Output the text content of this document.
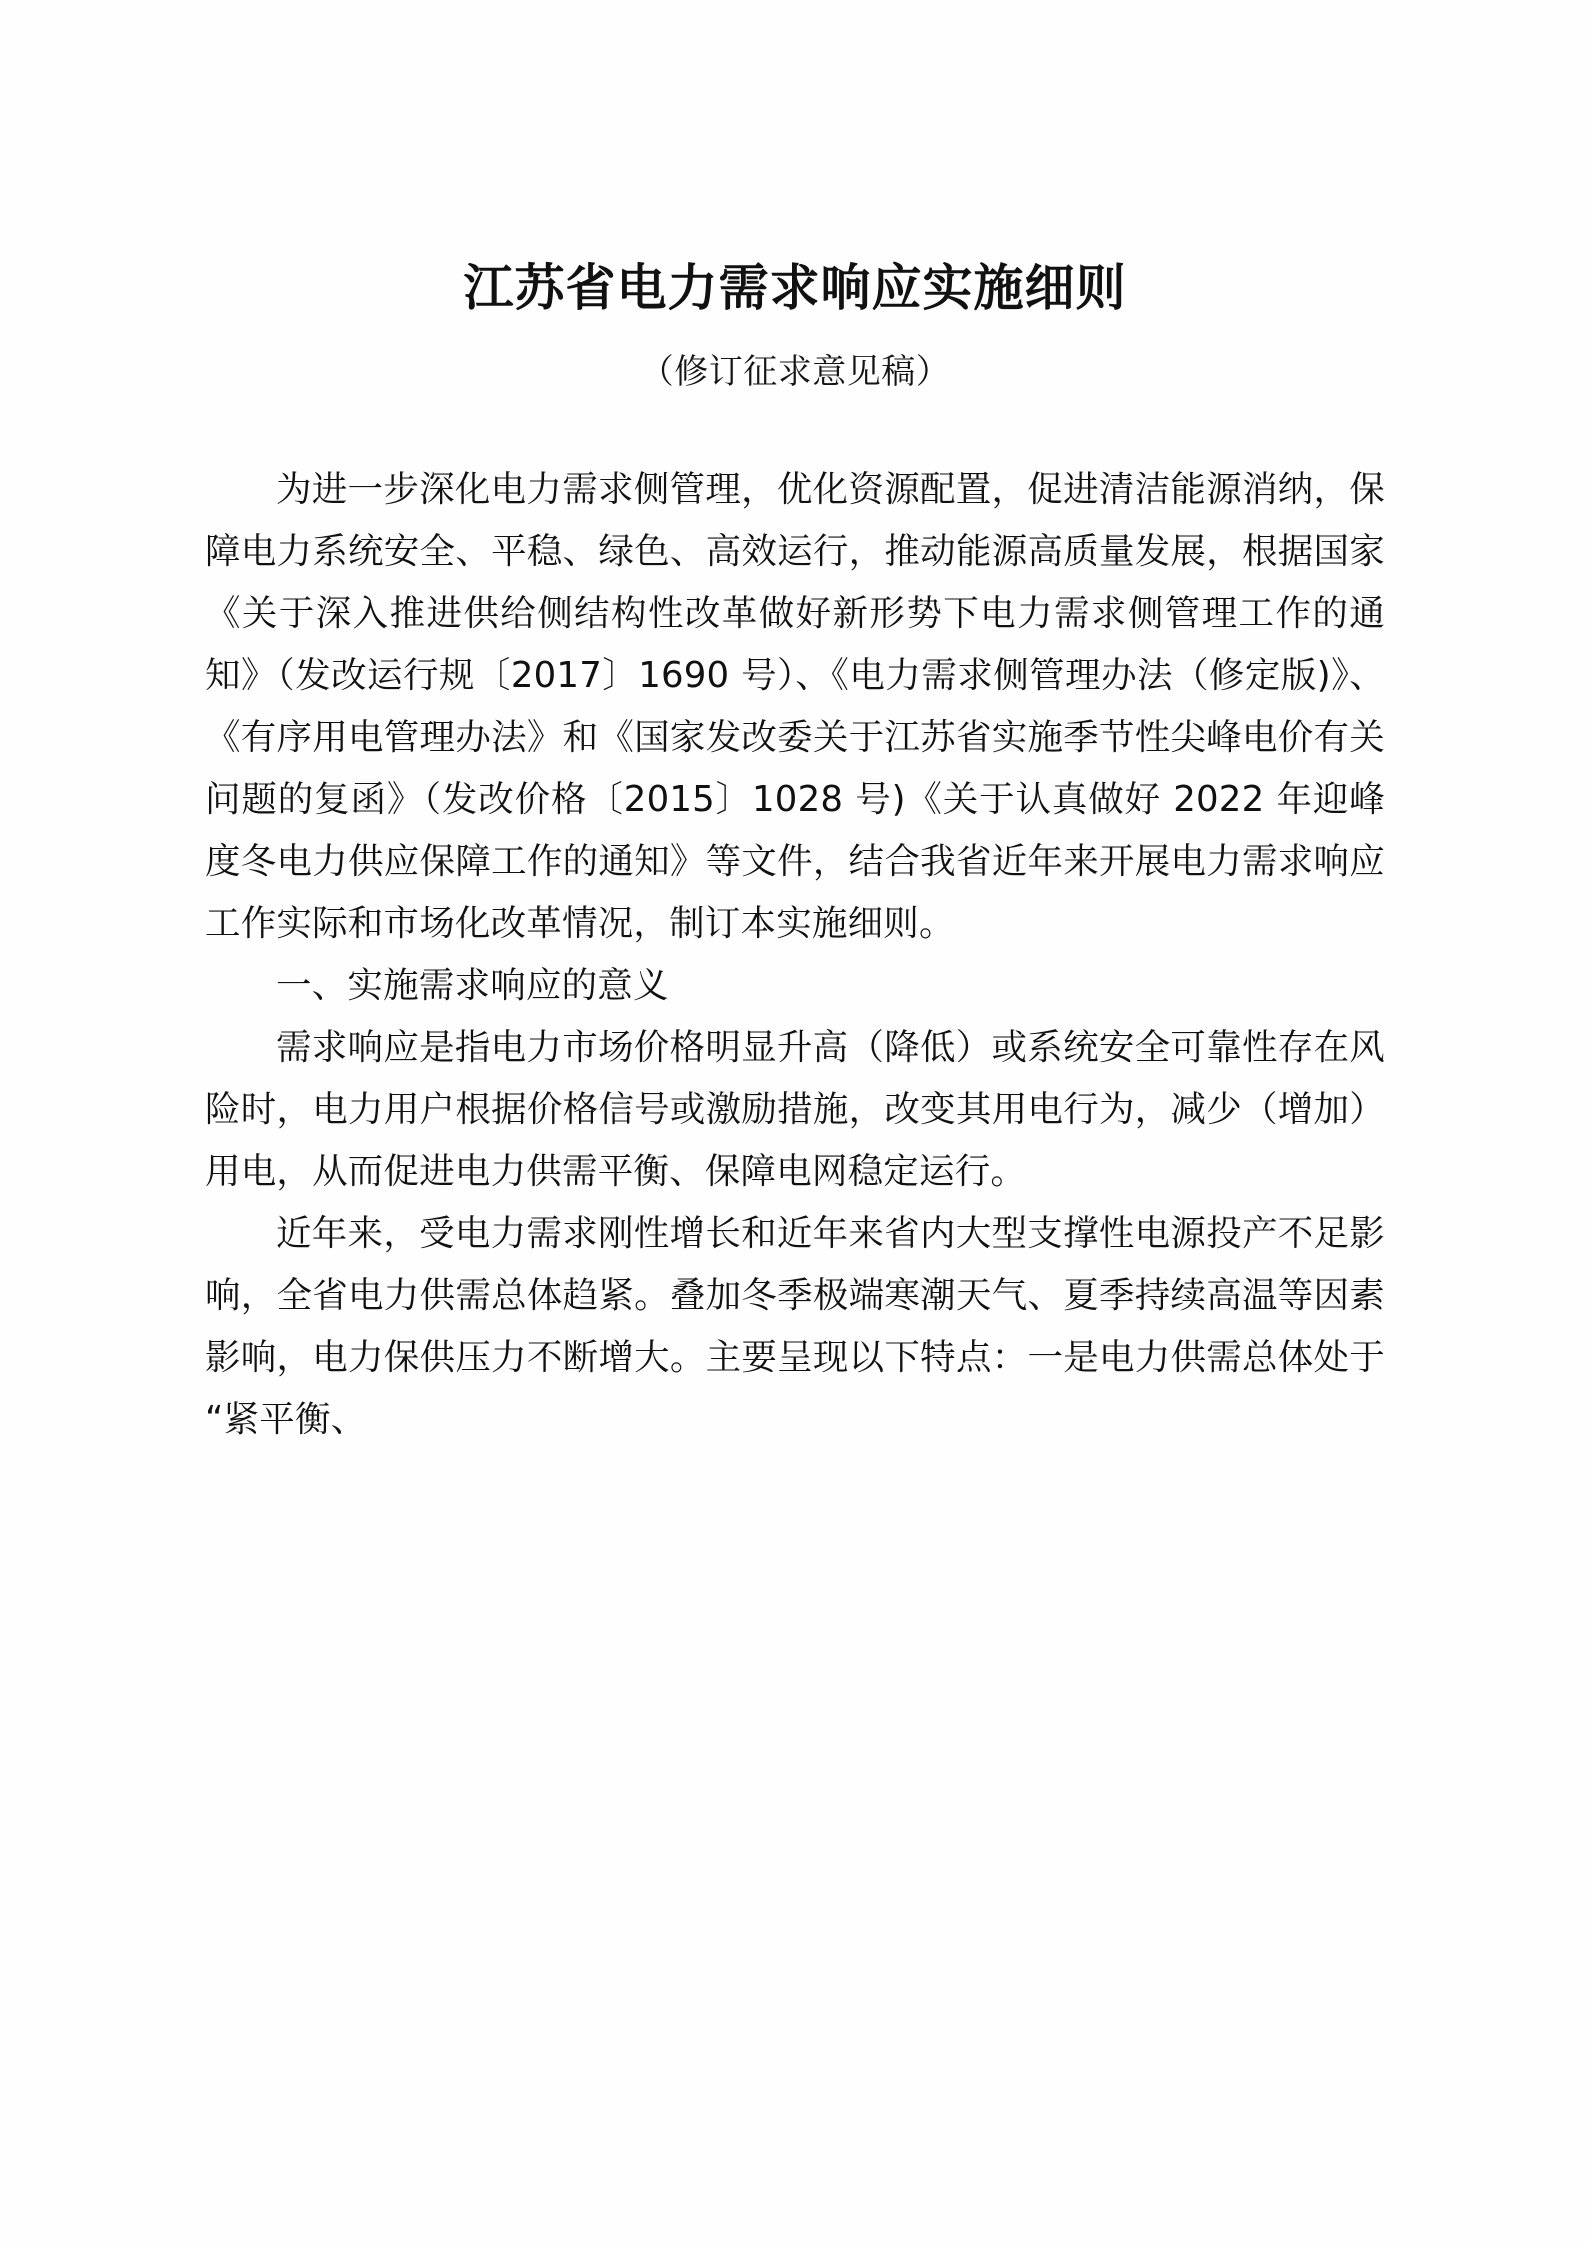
江苏省电力需求响应实施细则
（修订征求意见稿）

为进一步深化电力需求侧管理，优化资源配置，促进清洁能源消纳，保障电力系统安全、平稳、绿色、高效运行，推动能源高质量发展，根据国家《关于深入推进供给侧结构性改革做好新形势下电力需求侧管理工作的通知》（发改运行规〔2017〕1690 号）、《电力需求侧管理办法（修定版)》、《有序用电管理办法》和《国家发改委关于江苏省实施季节性尖峰电价有关问题的复函》（发改价格〔2015〕1028 号)《关于认真做好 2022 年迎峰度冬电力供应保障工作的通知》等文件，结合我省近年来开展电力需求响应工作实际和市场化改革情况，制订本实施细则。

一、实施需求响应的意义

需求响应是指电力市场价格明显升高（降低）或系统安全可靠性存在风险时，电力用户根据价格信号或激励措施，改变其用电行为，减少（增加）用电，从而促进电力供需平衡、保障电网稳定运行。

近年来，受电力需求刚性增长和近年来省内大型支撑性电源投产不足影响，全省电力供需总体趋紧。叠加冬季极端寒潮天气、夏季持续高温等因素影响，电力保供压力不断增大。主要呈现以下特点：一是电力供需总体处于“紧平衡、
